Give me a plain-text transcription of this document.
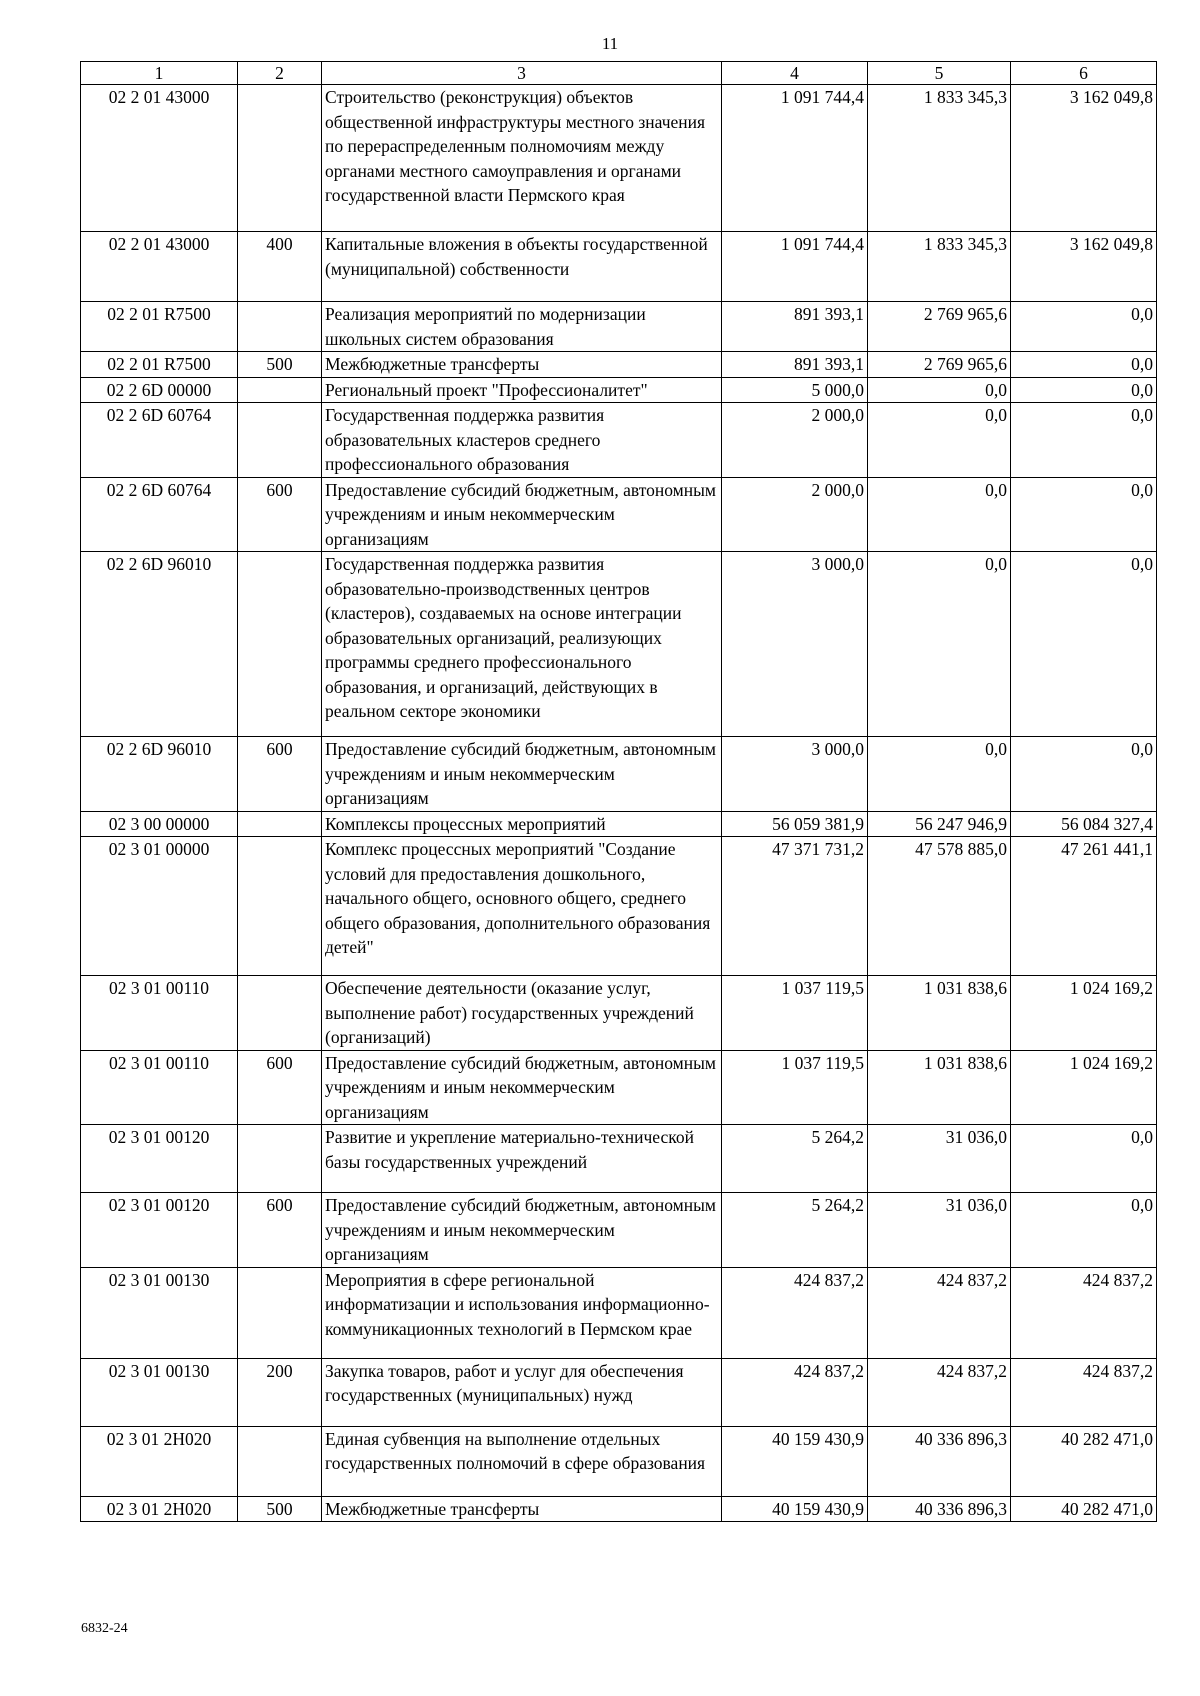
11
1	2	3	4	5	6
02 2 01 43000		Строительство (реконструкция) объектов общественной инфраструктуры местного значения по перераспределенным полномочиям между органами местного самоуправления и органами государственной власти Пермского края	1 091 744,4	1 833 345,3	3 162 049,8
02 2 01 43000	400	Капитальные вложения в объекты государственной (муниципальной) собственности	1 091 744,4	1 833 345,3	3 162 049,8
02 2 01 R7500		Реализация мероприятий по модернизации школьных систем образования	891 393,1	2 769 965,6	0,0
02 2 01 R7500	500	Межбюджетные трансферты	891 393,1	2 769 965,6	0,0
02 2 6D 00000		Региональный проект "Профессионалитет"	5 000,0	0,0	0,0
02 2 6D 60764		Государственная поддержка развития образовательных кластеров среднего профессионального образования	2 000,0	0,0	0,0
02 2 6D 60764	600	Предоставление субсидий бюджетным, автономным учреждениям и иным некоммерческим организациям	2 000,0	0,0	0,0
02 2 6D 96010		Государственная поддержка развития образовательно-производственных центров (кластеров), создаваемых на основе интеграции образовательных организаций, реализующих программы среднего профессионального образования, и организаций, действующих в реальном секторе экономики	3 000,0	0,0	0,0
02 2 6D 96010	600	Предоставление субсидий бюджетным, автономным учреждениям и иным некоммерческим организациям	3 000,0	0,0	0,0
02 3 00 00000		Комплексы процессных мероприятий	56 059 381,9	56 247 946,9	56 084 327,4
02 3 01 00000		Комплекс процессных мероприятий "Создание условий для предоставления дошкольного, начального общего, основного общего, среднего общего образования, дополнительного образования детей"	47 371 731,2	47 578 885,0	47 261 441,1
02 3 01 00110		Обеспечение деятельности (оказание услуг, выполнение работ) государственных учреждений (организаций)	1 037 119,5	1 031 838,6	1 024 169,2
02 3 01 00110	600	Предоставление субсидий бюджетным, автономным учреждениям и иным некоммерческим организациям	1 037 119,5	1 031 838,6	1 024 169,2
02 3 01 00120		Развитие и укрепление материально-технической базы государственных учреждений	5 264,2	31 036,0	0,0
02 3 01 00120	600	Предоставление субсидий бюджетным, автономным учреждениям и иным некоммерческим организациям	5 264,2	31 036,0	0,0
02 3 01 00130		Мероприятия в сфере региональной информатизации и использования информационно-коммуникационных технологий в Пермском крае	424 837,2	424 837,2	424 837,2
02 3 01 00130	200	Закупка товаров, работ и услуг для обеспечения государственных (муниципальных) нужд	424 837,2	424 837,2	424 837,2
02 3 01 2Н020		Единая субвенция на выполнение отдельных государственных полномочий в сфере образования	40 159 430,9	40 336 896,3	40 282 471,0
02 3 01 2Н020	500	Межбюджетные трансферты	40 159 430,9	40 336 896,3	40 282 471,0
6832-24
